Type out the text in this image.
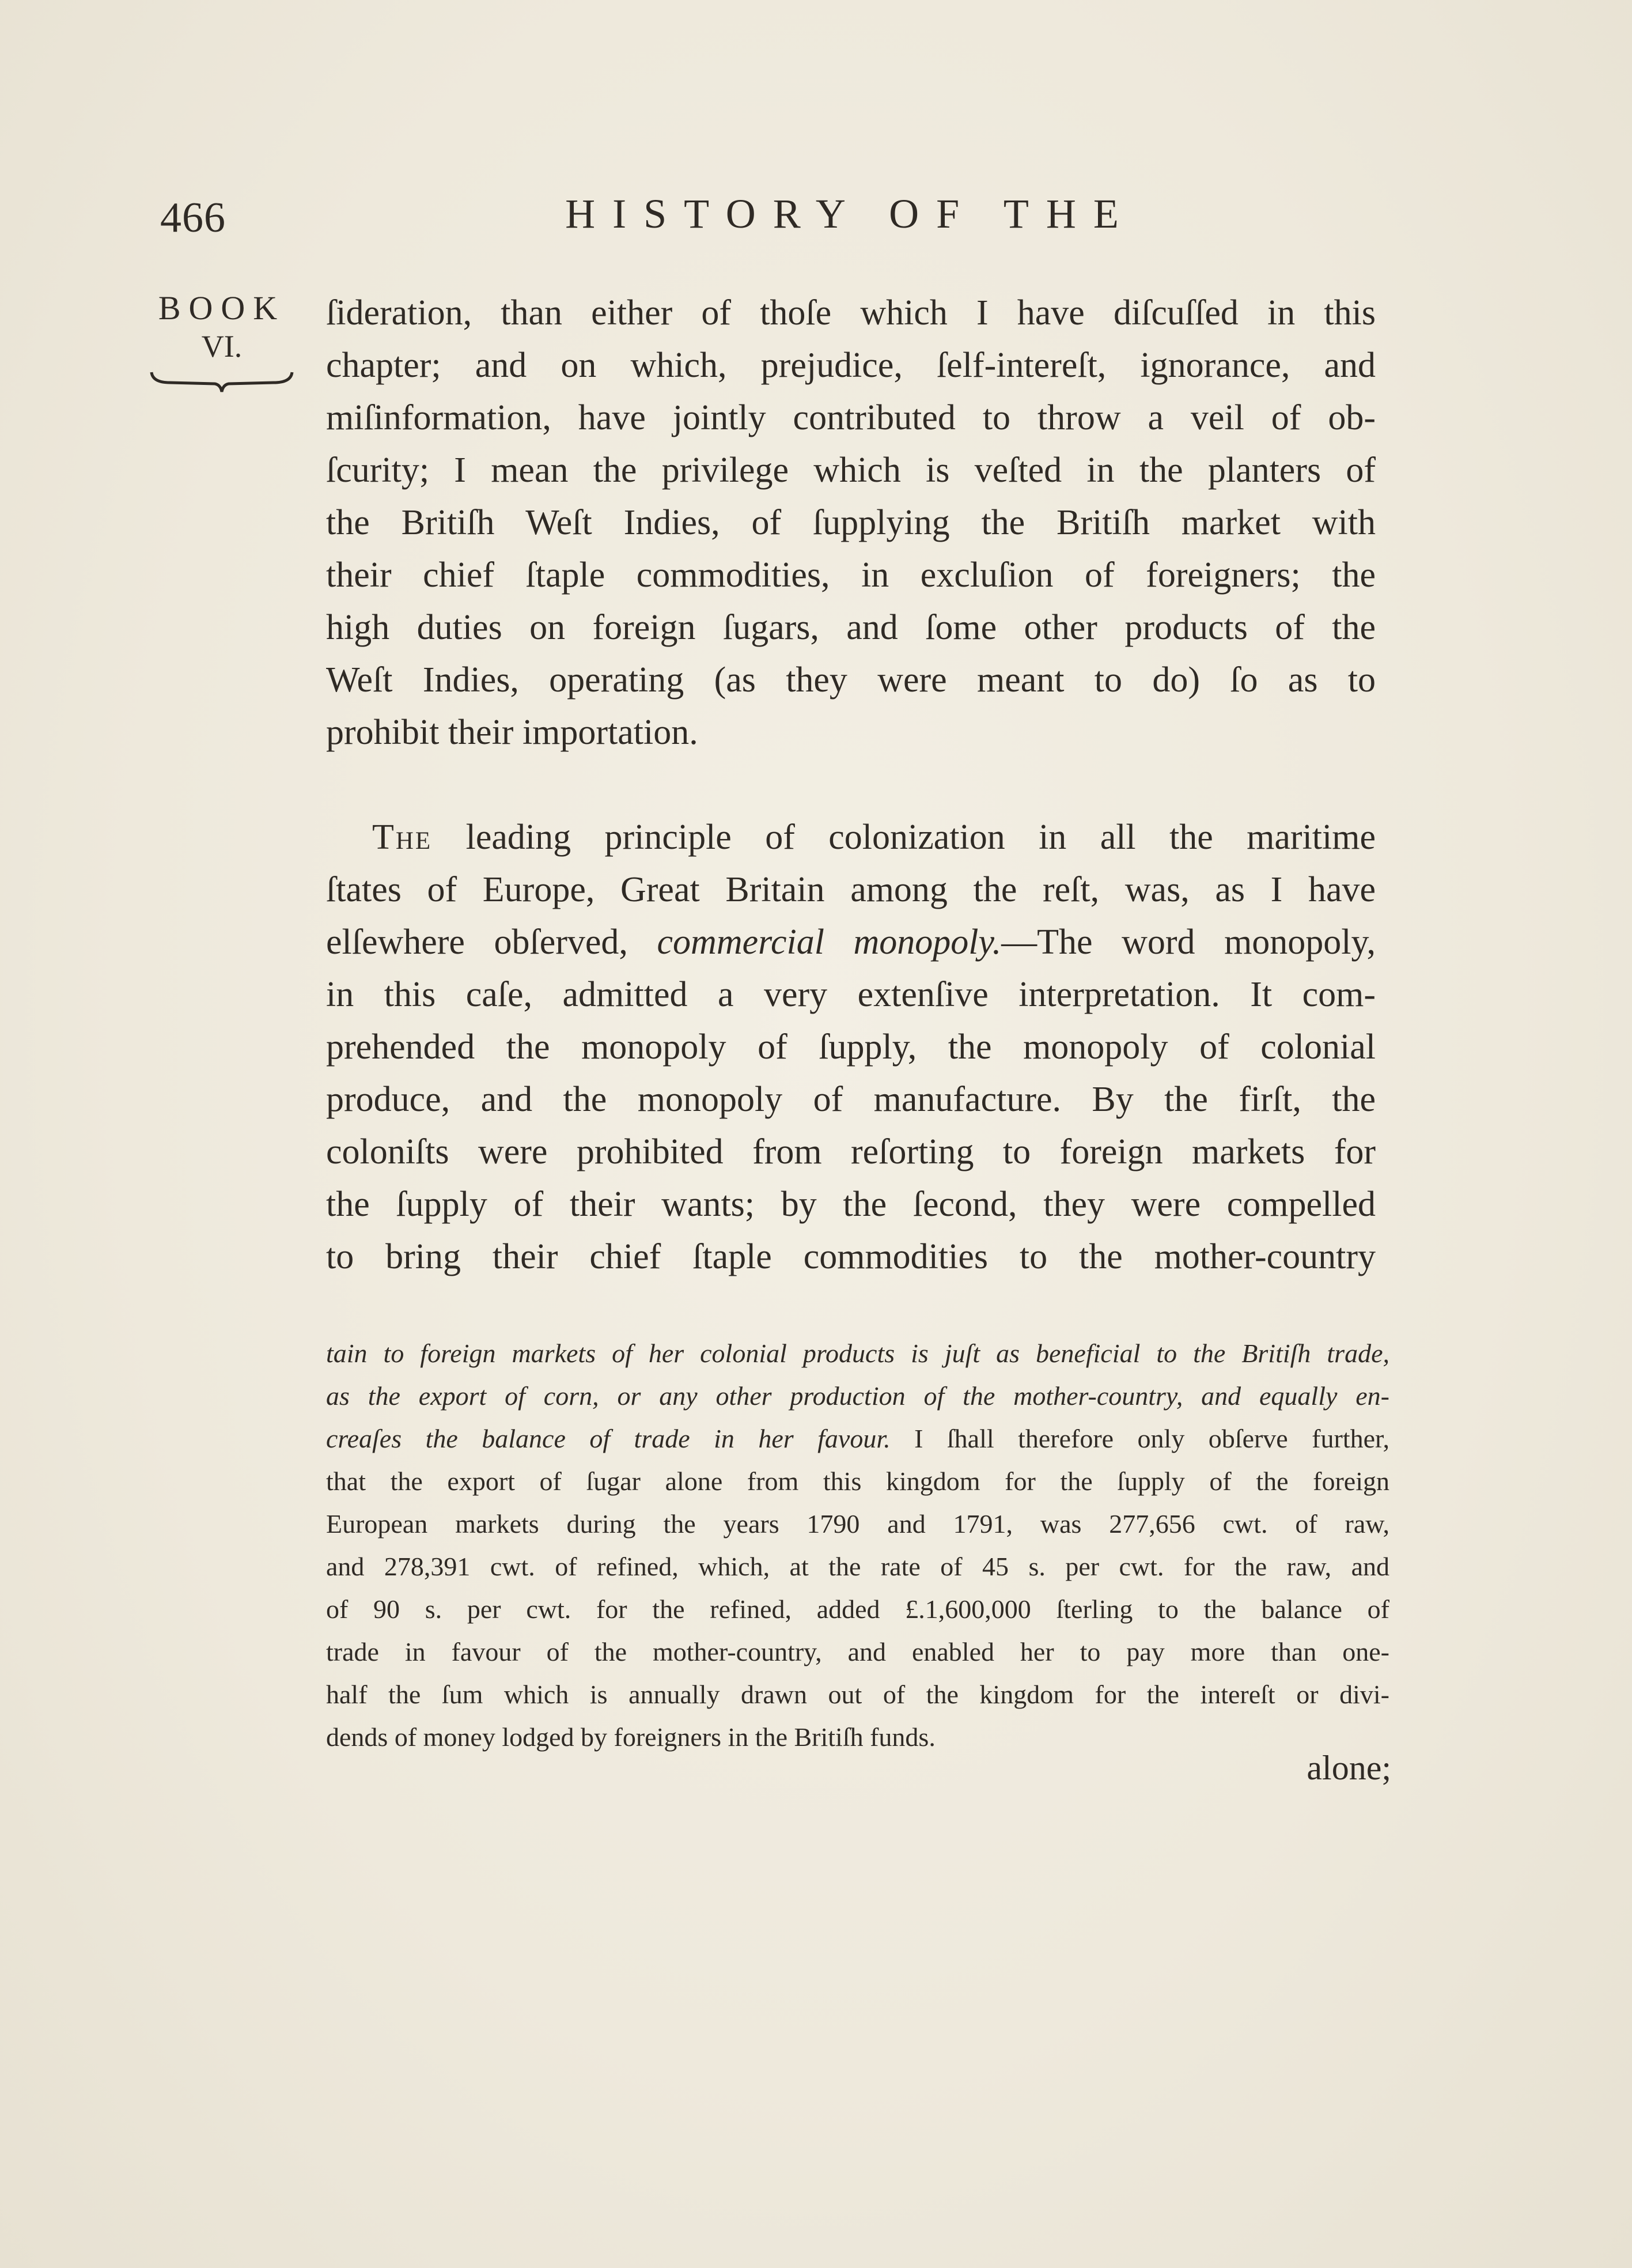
466	HISTORY OF THE
BOOK
VI.
ſideration, than either of thoſe which I have diſcuſſed in this
chapter; and on which, prejudice, ſelf-intereſt, ignorance, and
miſinformation, have jointly contributed to throw a veil of ob-
ſcurity; I mean the privilege which is veſted in the planters of
the Britiſh Weſt Indies, of ſupplying the Britiſh market with
their chief ſtaple commodities, in excluſion of foreigners; the
high duties on foreign ſugars, and ſome other products of the
Weſt Indies, operating (as they were meant to do) ſo as to
prohibit their importation.
The leading principle of colonization in all the maritime
ſtates of Europe, Great Britain among the reſt, was, as I have
elſewhere obſerved, commercial monopoly.—The word monopoly,
in this caſe, admitted a very extenſive interpretation. It com-
prehended the monopoly of ſupply, the monopoly of colonial
produce, and the monopoly of manufacture. By the firſt, the
coloniſts were prohibited from reſorting to foreign markets for
the ſupply of their wants; by the ſecond, they were compelled
to bring their chief ſtaple commodities to the mother-country
tain to foreign markets of her colonial products is juſt as beneficial to the Britiſh trade,
as the export of corn, or any other production of the mother-country, and equally en-
creaſes the balance of trade in her favour. I ſhall therefore only obſerve further,
that the export of ſugar alone from this kingdom for the ſupply of the foreign
European markets during the years 1790 and 1791, was 277,656 cwt. of raw,
and 278,391 cwt. of refined, which, at the rate of 45 s. per cwt. for the raw, and
of 90 s. per cwt. for the refined, added £.1,600,000 ſterling to the balance of
trade in favour of the mother-country, and enabled her to pay more than one-
half the ſum which is annually drawn out of the kingdom for the intereſt or divi-
dends of money lodged by foreigners in the Britiſh funds.
alone;
